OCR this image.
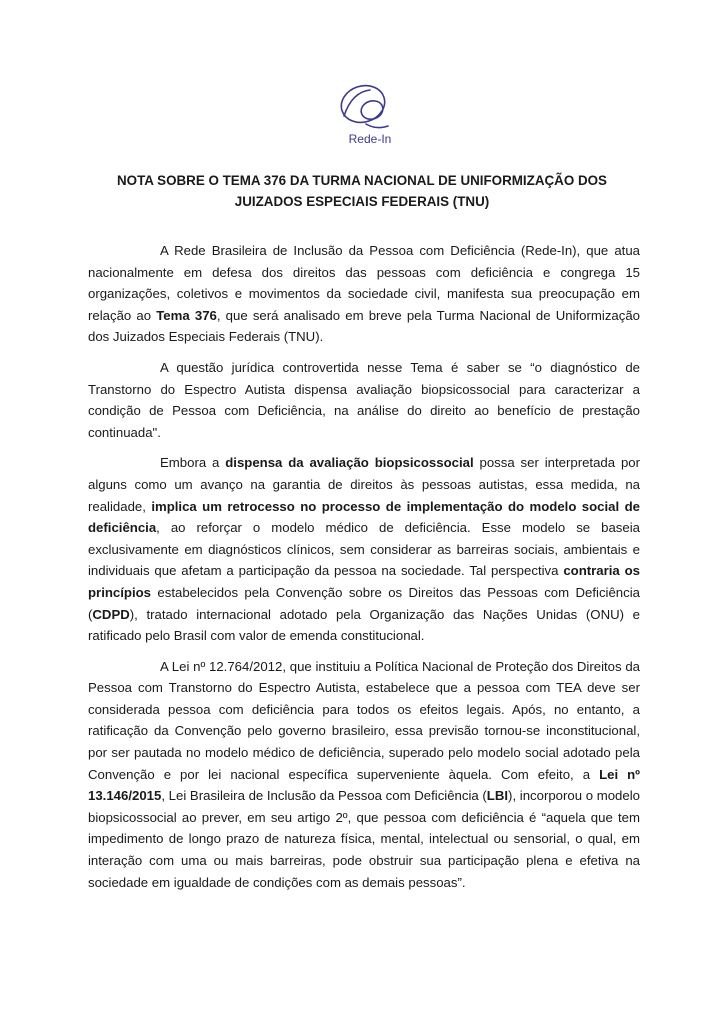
Rede-In
NOTA SOBRE O TEMA 376 DA TURMA NACIONAL DE UNIFORMIZAÇÃO DOS
JUIZADOS ESPECIAIS FEDERAIS (TNU)

A Rede Brasileira de Inclusão da Pessoa com Deficiência (Rede-In), que atua nacionalmente em defesa dos direitos das pessoas com deficiência e congrega 15 organizações, coletivos e movimentos da sociedade civil, manifesta sua preocupação em relação ao Tema 376, que será analisado em breve pela Turma Nacional de Uniformização dos Juizados Especiais Federais (TNU).

A questão jurídica controvertida nesse Tema é saber se “o diagnóstico de Transtorno do Espectro Autista dispensa avaliação biopsicossocial para caracterizar a condição de Pessoa com Deficiência, na análise do direito ao benefício de prestação continuada".

Embora a dispensa da avaliação biopsicossocial possa ser interpretada por alguns como um avanço na garantia de direitos às pessoas autistas, essa medida, na realidade, implica um retrocesso no processo de implementação do modelo social de deficiência, ao reforçar o modelo médico de deficiência. Esse modelo se baseia exclusivamente em diagnósticos clínicos, sem considerar as barreiras sociais, ambientais e individuais que afetam a participação da pessoa na sociedade. Tal perspectiva contraria os princípios estabelecidos pela Convenção sobre os Direitos das Pessoas com Deficiência (CDPD), tratado internacional adotado pela Organização das Nações Unidas (ONU) e ratificado pelo Brasil com valor de emenda constitucional.

A Lei nº 12.764/2012, que instituiu a Política Nacional de Proteção dos Direitos da Pessoa com Transtorno do Espectro Autista, estabelece que a pessoa com TEA deve ser considerada pessoa com deficiência para todos os efeitos legais. Após, no entanto, a ratificação da Convenção pelo governo brasileiro, essa previsão tornou-se inconstitucional, por ser pautada no modelo médico de deficiência, superado pelo modelo social adotado pela Convenção e por lei nacional específica superveniente àquela. Com efeito, a Lei nº 13.146/2015, Lei Brasileira de Inclusão da Pessoa com Deficiência (LBI), incorporou o modelo biopsicossocial ao prever, em seu artigo 2º, que pessoa com deficiência é “aquela que tem impedimento de longo prazo de natureza física, mental, intelectual ou sensorial, o qual, em interação com uma ou mais barreiras, pode obstruir sua participação plena e efetiva na sociedade em igualdade de condições com as demais pessoas”.
